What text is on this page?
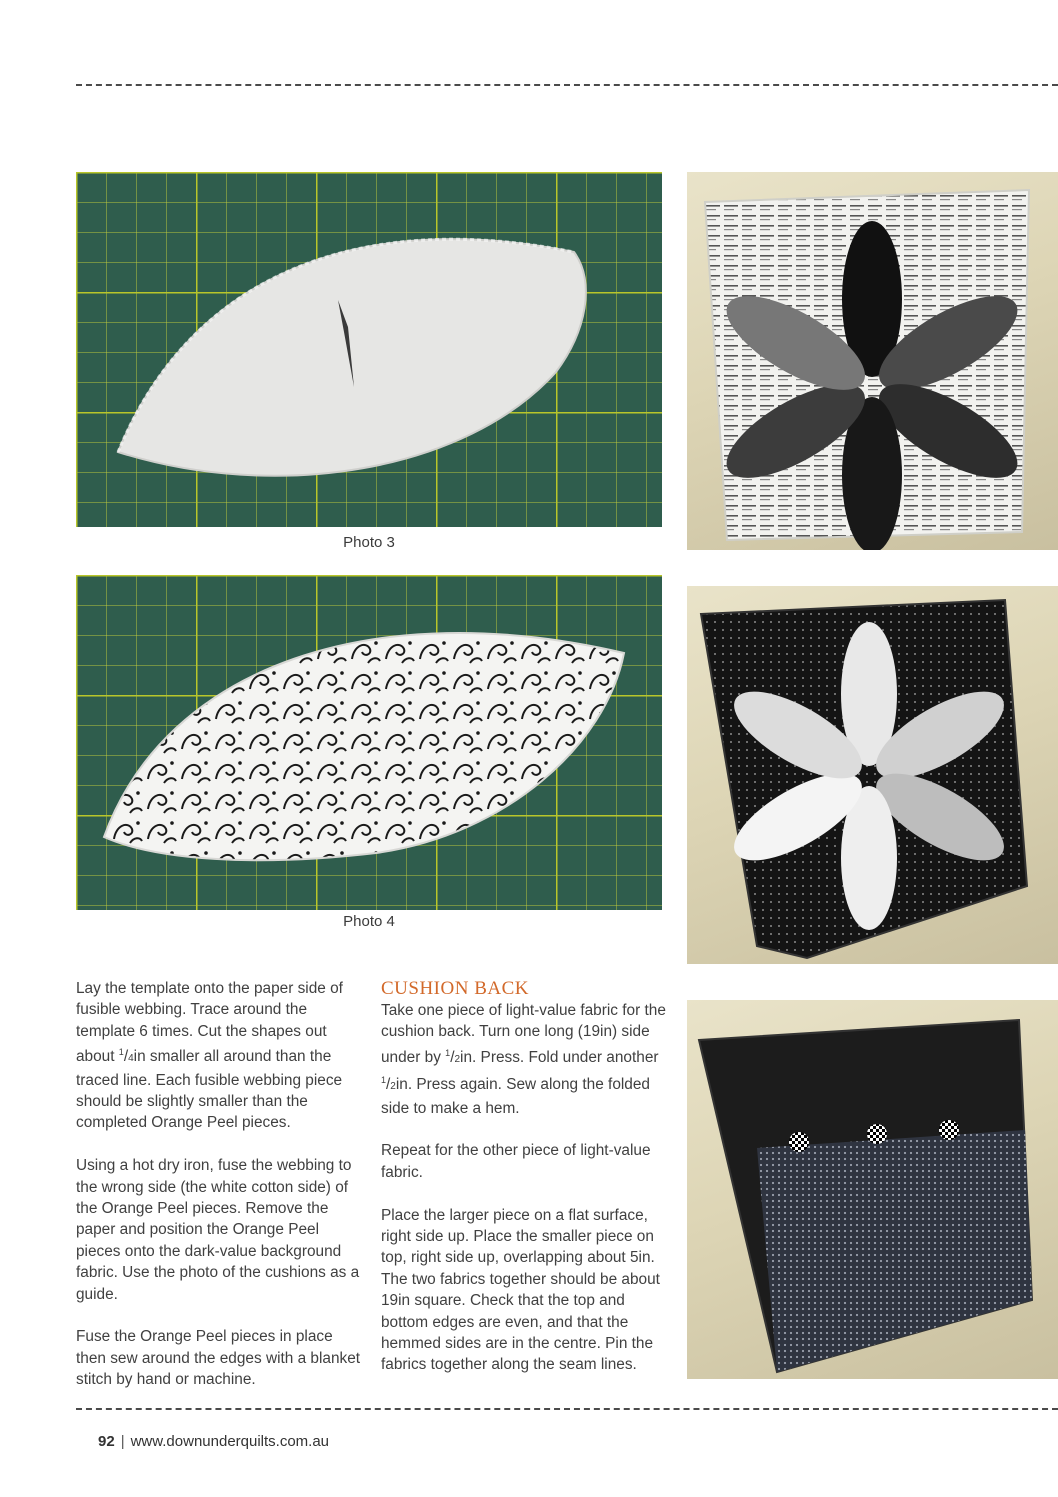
Photo 3
Photo 4

Lay the template onto the paper side of fusible webbing. Trace around the template 6 times. Cut the shapes out about $^1$/4in smaller all around than the traced line. Each fusible webbing piece should be slightly smaller than the completed Orange Peel pieces.

Using a hot dry iron, fuse the webbing to the wrong side (the white cotton side) of the Orange Peel pieces. Remove the paper and position the Orange Peel pieces onto the dark-value background fabric. Use the photo of the cushions as a guide.

Fuse the Orange Peel pieces in place then sew around the edges with a blanket stitch by hand or machine.

CUSHION BACK

Take one piece of light-value fabric for the cushion back. Turn one long (19in) side under by $^1$/2in. Press. Fold under another $^1$/2in. Press again. Sew along the folded side to make a hem.

Repeat for the other piece of light-value fabric.

Place the larger piece on a flat surface, right side up. Place the smaller piece on top, right side up, overlapping about 5in. The two fabrics together should be about 19in square. Check that the top and bottom edges are even, and that the hemmed sides are in the centre. Pin the fabrics together along the seam lines.

92 | www.downunderquilts.com.au
